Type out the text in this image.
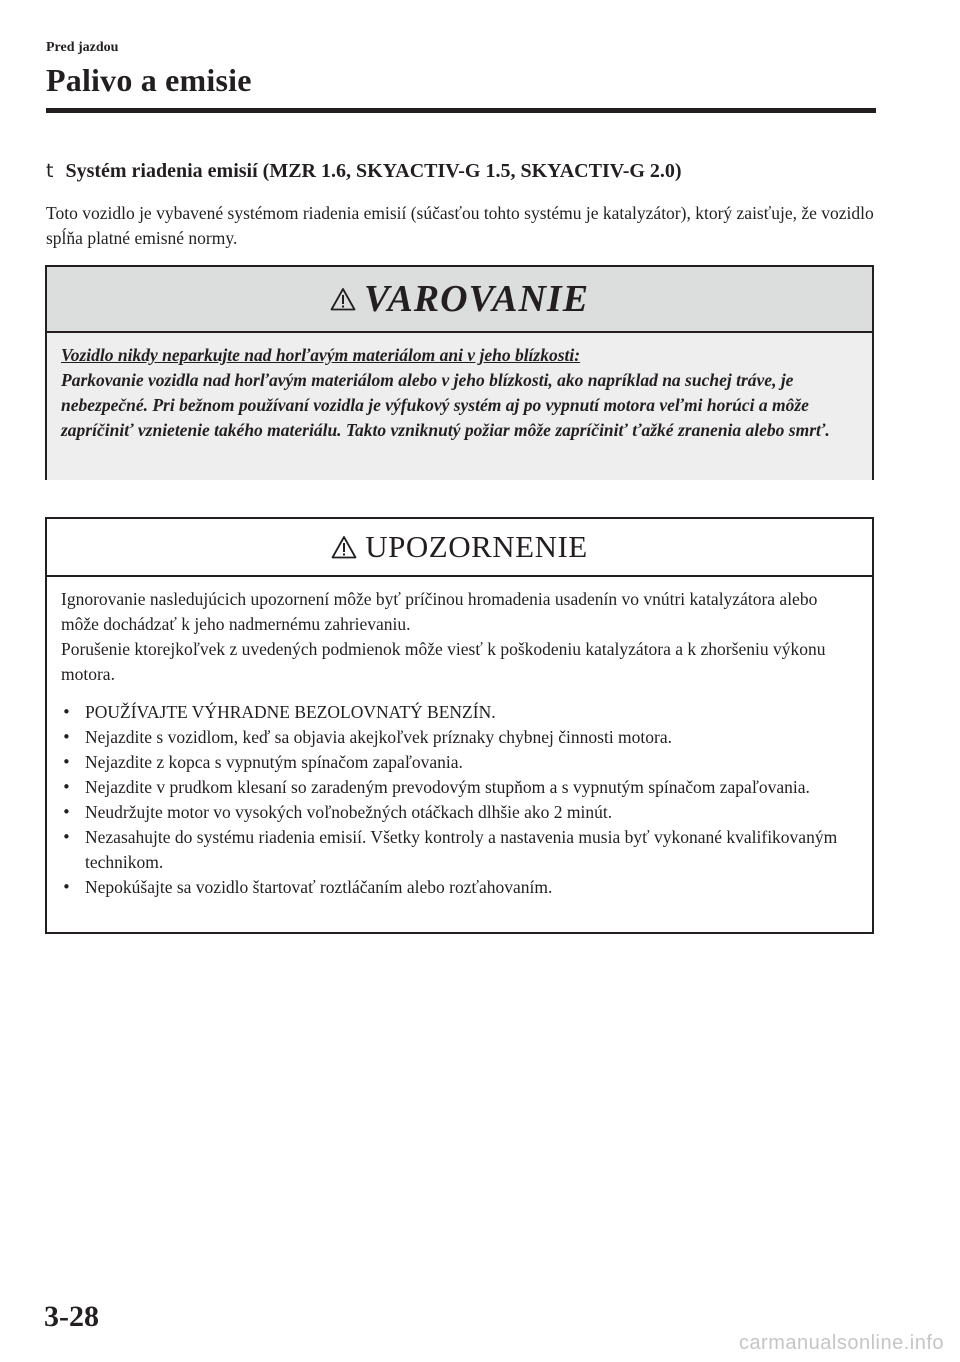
Pred jazdou
Palivo a emisie
t Systém riadenia emisií (MZR 1.6, SKYACTIV-G 1.5, SKYACTIV-G 2.0)
Toto vozidlo je vybavené systémom riadenia emisií (súčasťou tohto systému je katalyzátor), ktorý zaisťuje, že vozidlo spĺňa platné emisné normy.
VAROVANIE
Vozidlo nikdy neparkujte nad horľavým materiálom ani v jeho blízkosti:
Parkovanie vozidla nad horľavým materiálom alebo v jeho blízkosti, ako napríklad na suchej tráve, je nebezpečné. Pri bežnom používaní vozidla je výfukový systém aj po vypnutí motora veľmi horúci a môže zapríčiniť vznietenie takého materiálu. Takto vzniknutý požiar môže zapríčiniť ťažké zranenia alebo smrť.
UPOZORNENIE

Ignorovanie nasledujúcich upozornení môže byť príčinou hromadenia usadenín vo vnútri katalyzátora alebo môže dochádzať k jeho nadmernému zahrievaniu.

Porušenie ktorejkoľvek z uvedených podmienok môže viesť k poškodeniu katalyzátora a k zhoršeniu výkonu motora.

• POUŽÍVAJTE VÝHRADNE BEZOLOVNATÝ BENZÍN.
• Nejazdite s vozidlom, keď sa objavia akejkoľvek príznaky chybnej činnosti motora.
• Nejazdite z kopca s vypnutým spínačom zapaľovania.
• Nejazdite v prudkom klesaní so zaradeným prevodovým stupňom a s vypnutým spínačom zapaľovania.
• Neudržujte motor vo vysokých voľnobežných otáčkach dlhšie ako 2 minút.
• Nezasahujte do systému riadenia emisií. Všetky kontroly a nastavenia musia byť vykonané kvalifikovaným technikom.
• Nepokúšajte sa vozidlo štartovať roztláčaním alebo rozťahovaním.
3-28
carmanualsonline.info
